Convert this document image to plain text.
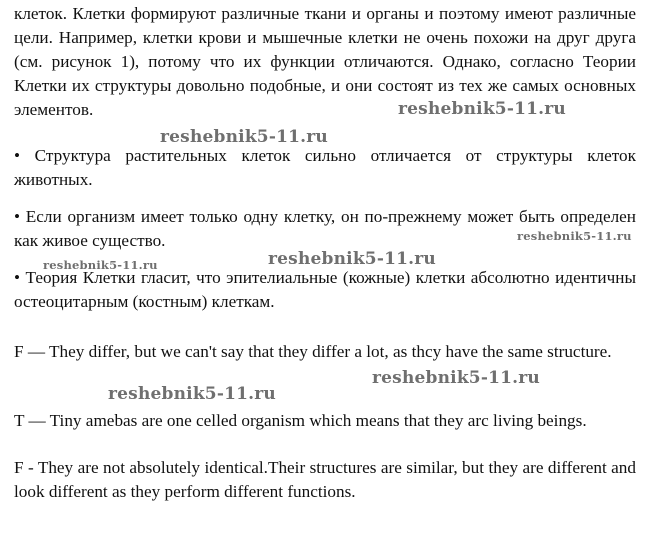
клеток. Клетки формируют различные ткани и органы и поэтому имеют различные цели. Например, клетки крови и мышечные клетки не очень похожи на друг друга (см. рисунок 1), потому что их функции отличаются. Однако, согласно Теории Клетки их структуры довольно подобные, и они состоят из тех же самых основных элементов.	reshebnik5-11.ru
reshebnik5-11.ru

• Структура растительных клеток сильно отличается от структуры клеток животных.

• Если организм имеет только одну клетку, он по-прежнему может быть определен как живое существо.	reshebnik5-11.ru
reshebnik5-11.ru
reshebnik5-11.ru

• Теория Клетки гласит, что эпителиальные (кожные) клетки абсолютно идентичны остеоцитарным (костным) клеткам.

F — They differ, but we can't say that they differ a lot, as thcy have the same structure.

reshebnik5-11.ru
reshebnik5-11.ru

T — Tiny amebas are one celled organism which means that they arc living beings.

F - They are not absolutely identical.Their structures are similar, but they are different and look different as they perform different functions.
